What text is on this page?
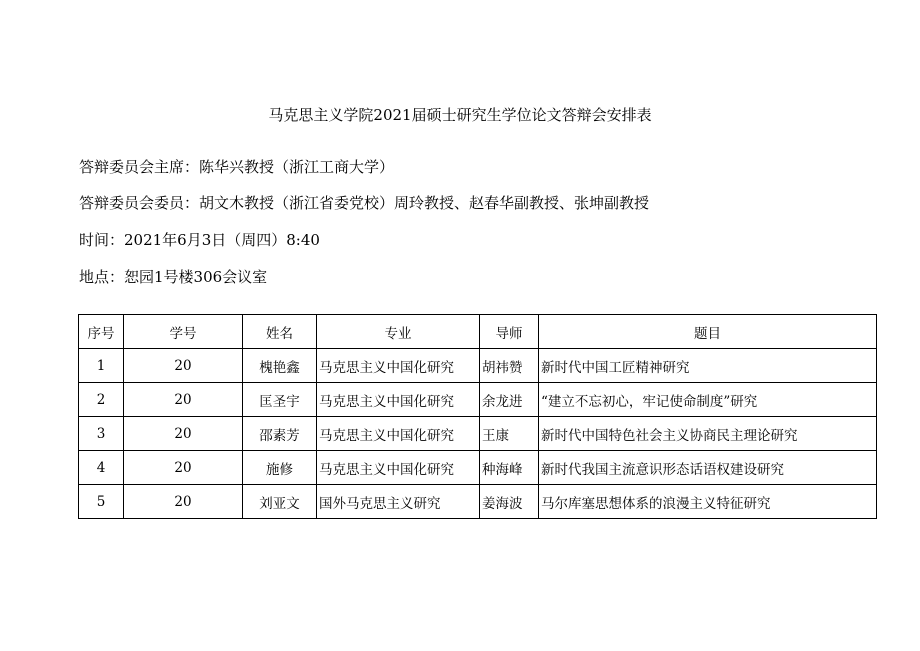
马克思主义学院2021届硕士研究生学位论文答辩会安排表
答辩委员会主席：陈华兴教授（浙江工商大学）
答辩委员会委员：胡文木教授（浙江省委党校）周玲教授、赵春华副教授、张坤副教授
时间：2021年6月3日（周四）8:40
地点：恕园1号楼306会议室
序号	学号	姓名	专业	导师	题目
1	20	槐艳鑫	马克思主义中国化研究	胡祎赞	新时代中国工匠精神研究
2	20	匡圣宇	马克思主义中国化研究	余龙进	“建立不忘初心，牢记使命制度”研究
3	20	邵素芳	马克思主义中国化研究	王康	新时代中国特色社会主义协商民主理论研究
4	20	施修	马克思主义中国化研究	种海峰	新时代我国主流意识形态话语权建设研究
5	20	刘亚文	国外马克思主义研究	姜海波	马尔库塞思想体系的浪漫主义特征研究
